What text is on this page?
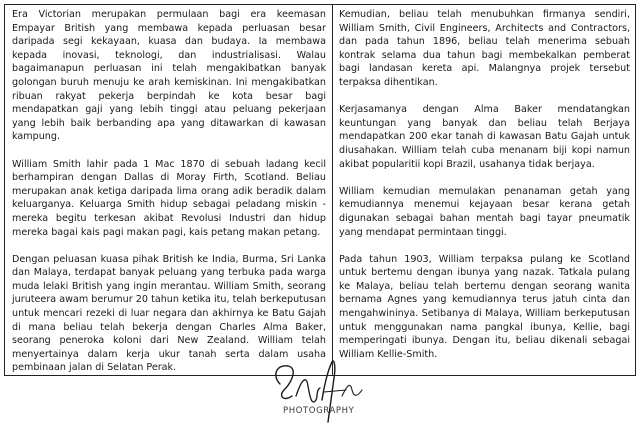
Era Victorian merupakan permulaan bagi era keemasan Empayar British yang membawa kepada perluasan besar daripada segi kekayaan, kuasa dan budaya. Ia membawa kepada inovasi, teknologi, dan industrialisasi. Walau bagaimanapun perluasan ini telah mengakibatkan banyak golongan buruh menuju ke arah kemiskinan. Ini mengakibatkan ribuan rakyat pekerja berpindah ke kota besar bagi mendapatkan gaji yang lebih tinggi atau peluang pekerjaan yang lebih baik berbanding apa yang ditawarkan di kawasan kampung.

William Smith lahir pada 1 Mac 1870 di sebuah ladang kecil berhampiran dengan Dallas di Moray Firth, Scotland. Beliau merupakan anak ketiga daripada lima orang adik beradik dalam keluarganya. Keluarga Smith hidup sebagai peladang miskin - mereka begitu terkesan akibat Revolusi Industri dan hidup mereka bagai kais pagi makan pagi, kais petang makan petang.

Dengan peluasan kuasa pihak British ke India, Burma, Sri Lanka dan Malaya, terdapat banyak peluang yang terbuka pada warga muda lelaki British yang ingin merantau. William Smith, seorang juruteera awam berumur 20 tahun ketika itu, telah berkeputusan untuk mencari rezeki di luar negara dan akhirnya ke Batu Gajah di mana beliau telah bekerja dengan Charles Alma Baker, seorang peneroka koloni dari New Zealand. William telah menyertainya dalam kerja ukur tanah serta dalam usaha pembinaan jalan di Selatan Perak.

Kemudian, beliau telah menubuhkan firmanya sendiri, William Smith, Civil Engineers, Architects and Contractors, dan pada tahun 1896, beliau telah menerima sebuah kontrak selama dua tahun bagi membekalkan pemberat bagi landasan kereta api. Malangnya projek tersebut terpaksa dihentikan.

Kerjasamanya dengan Alma Baker mendatangkan keuntungan yang banyak dan beliau telah Berjaya mendapatkan 200 ekar tanah di kawasan Batu Gajah untuk diusahakan. William telah cuba menanam biji kopi namun akibat popularitii kopi Brazil, usahanya tidak berjaya.

William kemudian memulakan penanaman getah yang kemudiannya menemui kejayaan besar kerana getah digunakan sebagai bahan mentah bagi tayar pneumatik yang mendapat permintaan tinggi.

Pada tahun 1903, William terpaksa pulang ke Scotland untuk bertemu dengan ibunya yang nazak. Tatkala pulang ke Malaya, beliau telah bertemu dengan seorang wanita bernama Agnes yang kemudiannya terus jatuh cinta dan mengahwininya. Setibanya di Malaya, William berkeputusan untuk menggunakan nama pangkal ibunya, Kellie, bagi memperingati ibunya. Dengan itu, beliau dikenali sebagai William Kellie-Smith.

PHOTOGRAPHY
